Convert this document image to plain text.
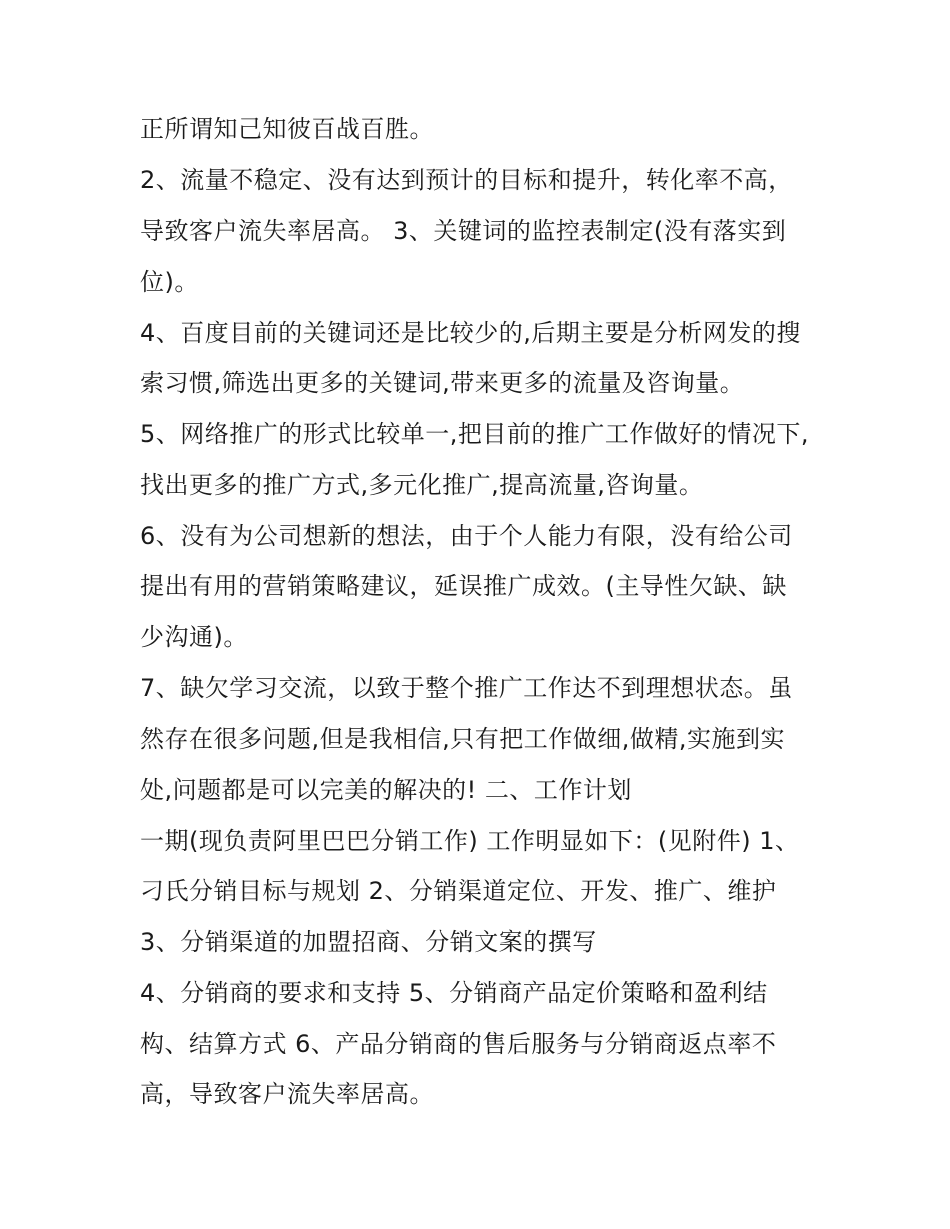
正所谓知己知彼百战百胜。
2、流量不稳定、没有达到预计的目标和提升，转化率不高，
导致客户流失率居高。 3、关键词的监控表制定(没有落实到
位)。
4、百度目前的关键词还是比较少的,后期主要是分析网发的搜
索习惯,筛选出更多的关键词,带来更多的流量及咨询量。
5、网络推广的形式比较单一,把目前的推广工作做好的情况下,
找出更多的推广方式,多元化推广,提高流量,咨询量。
6、没有为公司想新的想法，由于个人能力有限，没有给公司
提出有用的营销策略建议，延误推广成效。(主导性欠缺、缺
少沟通)。
7、缺欠学习交流，以致于整个推广工作达不到理想状态。虽
然存在很多问题,但是我相信,只有把工作做细,做精,实施到实
处,问题都是可以完美的解决的! 二、工作计划
一期(现负责阿里巴巴分销工作) 工作明显如下：(见附件) 1、
刁氏分销目标与规划 2、分销渠道定位、开发、推广、维护
3、分销渠道的加盟招商、分销文案的撰写
4、分销商的要求和支持 5、分销商产品定价策略和盈利结
构、结算方式 6、产品分销商的售后服务与分销商返点率不
高，导致客户流失率居高。
